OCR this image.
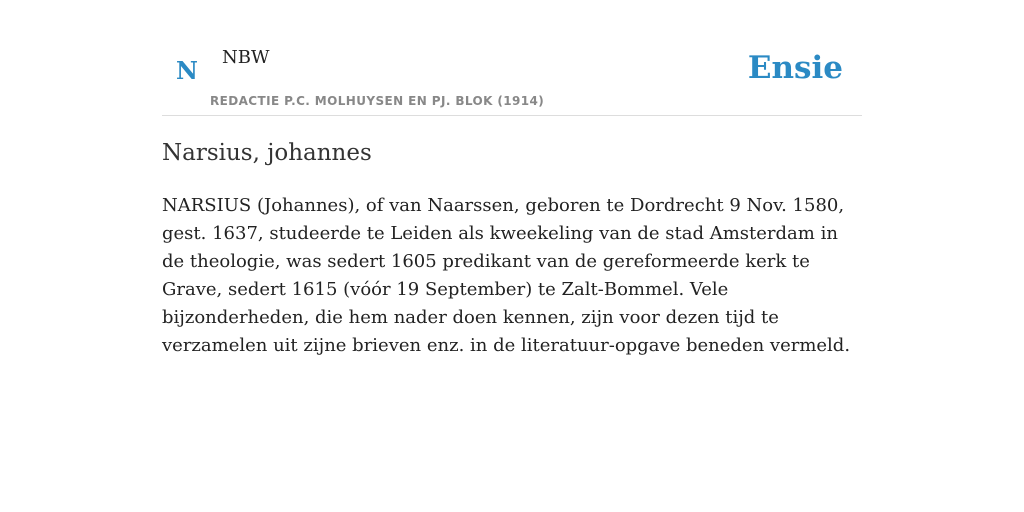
N NBW
REDACTIE P.C. MOLHUYSEN EN PJ. BLOK (1914)
Ensie
Narsius, johannes

NARSIUS (Johannes), of van Naarssen, geboren te Dordrecht 9 Nov. 1580, gest. 1637, studeerde te Leiden als kweekeling van de stad Amsterdam in de theologie, was sedert 1605 predikant van de gereformeerde kerk te Grave, sedert 1615 (vóór 19 September) te Zalt-Bommel. Vele bijzonderheden, die hem nader doen kennen, zijn voor dezen tijd te verzamelen uit zijne brieven enz. in de literatuur-opgave beneden vermeld.
